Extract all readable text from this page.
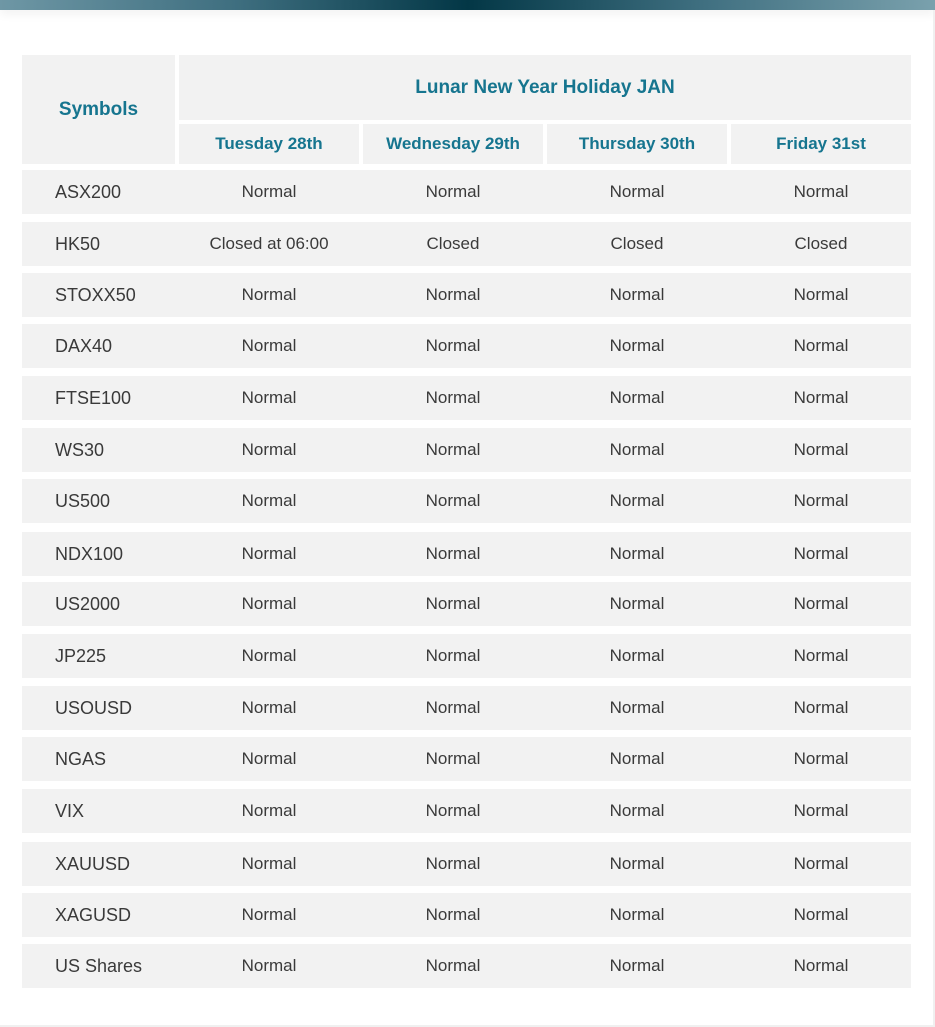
Symbols
Lunar New Year Holiday JAN
Tuesday 28th	Wednesday 29th	Thursday 30th	Friday 31st
ASX200	Normal	Normal	Normal	Normal
HK50	Closed at 06:00	Closed	Closed	Closed
STOXX50	Normal	Normal	Normal	Normal
DAX40	Normal	Normal	Normal	Normal
FTSE100	Normal	Normal	Normal	Normal
WS30	Normal	Normal	Normal	Normal
US500	Normal	Normal	Normal	Normal
NDX100	Normal	Normal	Normal	Normal
US2000	Normal	Normal	Normal	Normal
JP225	Normal	Normal	Normal	Normal
USOUSD	Normal	Normal	Normal	Normal
NGAS	Normal	Normal	Normal	Normal
VIX	Normal	Normal	Normal	Normal
XAUUSD	Normal	Normal	Normal	Normal
XAGUSD	Normal	Normal	Normal	Normal
US Shares	Normal	Normal	Normal	Normal
